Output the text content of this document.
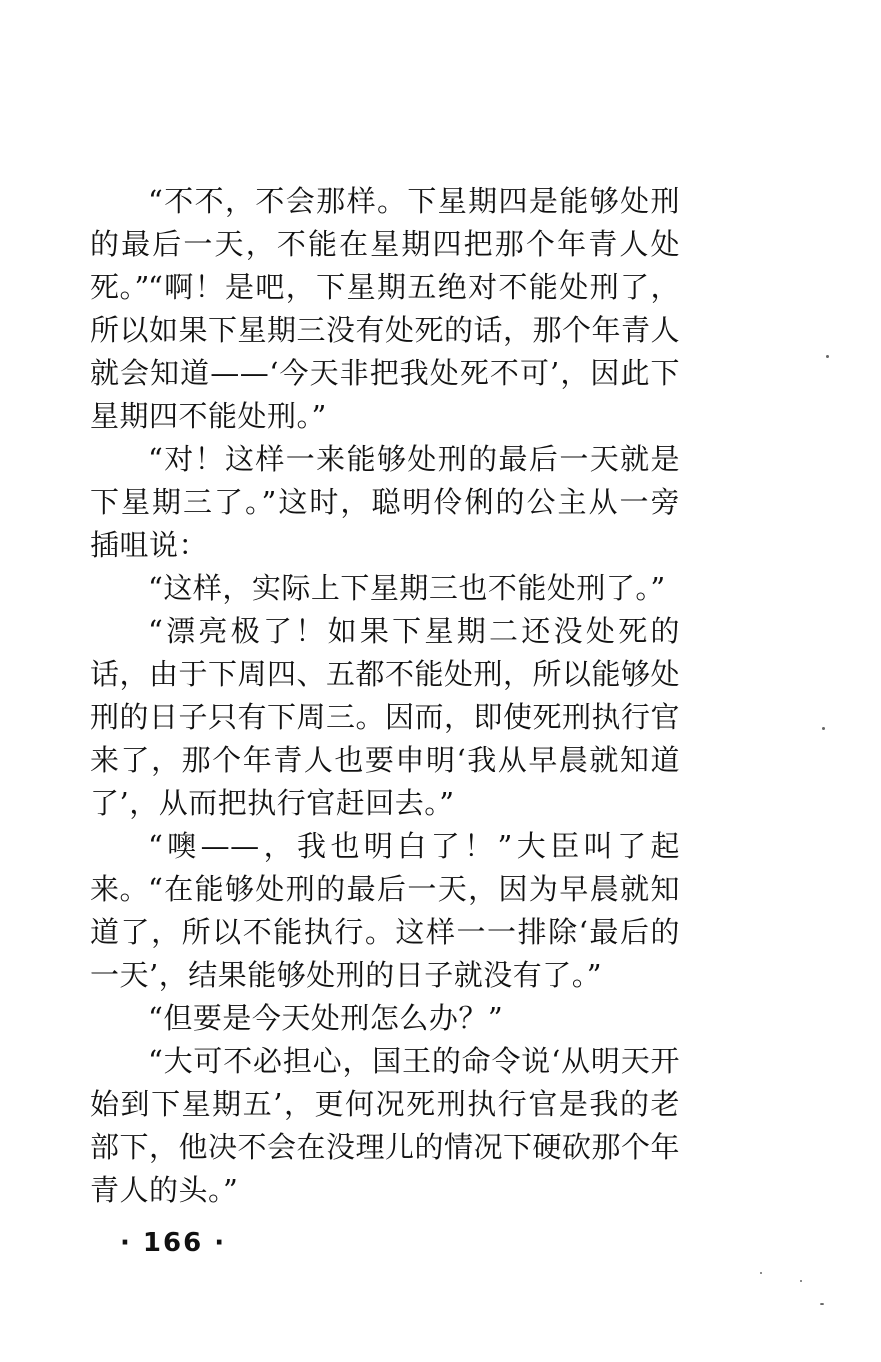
“不不，不会那样。下星期四是能够处刑的最后一天，不能在星期四把那个年青人处死。”

“啊！是吧，下星期五绝对不能处刑了，所以如果下星期三没有处死的话，那个年青人就会知道——‘今天非把我处死不可’，因此下星期四不能处刑。”

“对！这样一来能够处刑的最后一天就是下星期三了。”这时，聪明伶俐的公主从一旁插咀说：

“这样，实际上下星期三也不能处刑了。”

“漂亮极了！如果下星期二还没处死的话，由于下周四、五都不能处刑，所以能够处刑的日子只有下周三。因而，即使死刑执行官来了，那个年青人也要申明‘我从早晨就知道了’，从而把执行官赶回去。”

“噢——，我也明白了！”大臣叫了起来。

“在能够处刑的最后一天，因为早晨就知道了，所以不能执行。这样一一排除‘最后的一天’，结果能够处刑的日子就没有了。”

“但要是今天处刑怎么办？”

“大可不必担心，国王的命令说‘从明天开始到下星期五’，更何况死刑执行官是我的老部下，他决不会在没理儿的情况下硬砍那个年青人的头。”

· 166 ·
